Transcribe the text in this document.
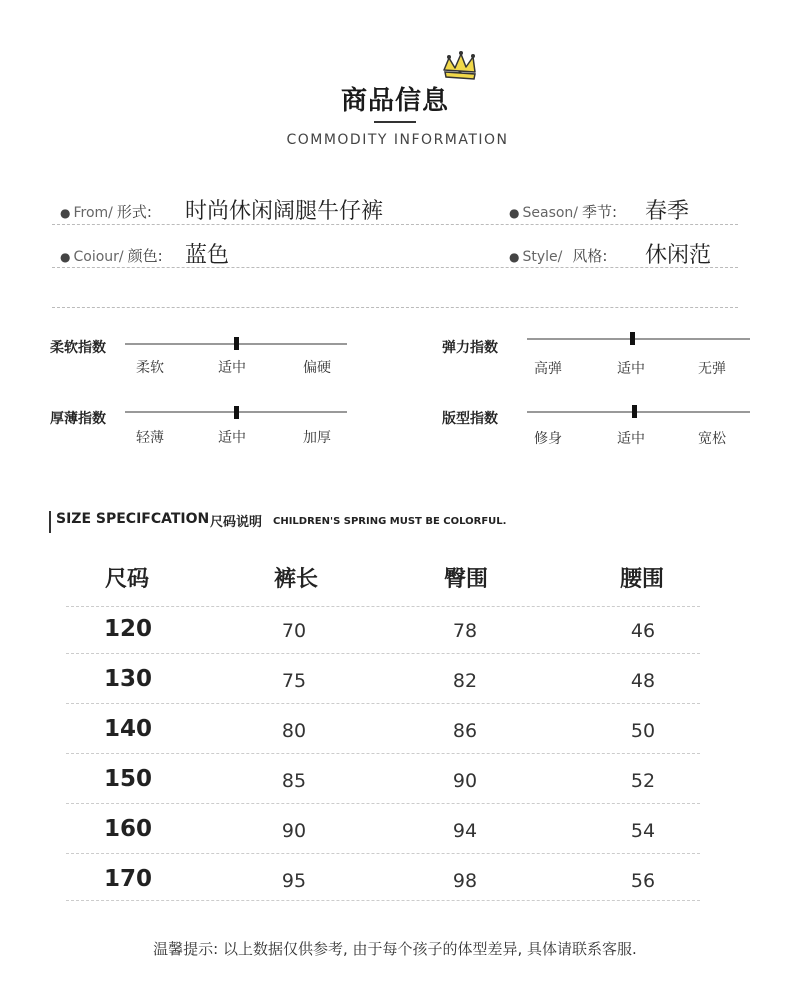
商品信息
COMMODITY INFORMATION
● From/ 形式: 时尚休闲阔腿牛仔裤	● Season/ 季节: 春季
● Coiour/ 颜色: 蓝色	● Style/ 风格: 休闲范
柔软指数
柔软	适中	偏硬
弹力指数
高弹	适中	无弹
厚薄指数
轻薄	适中	加厚
版型指数
修身	适中	宽松
SIZE SPECIFCATION 尺码说明 CHILDREN'S SPRING MUST BE COLORFUL.
尺码	裤长	臀围	腰围
120	70	78	46
130	75	82	48
140	80	86	50
150	85	90	52
160	90	94	54
170	95	98	56
温馨提示: 以上数据仅供参考, 由于每个孩子的体型差异, 具体请联系客服.
